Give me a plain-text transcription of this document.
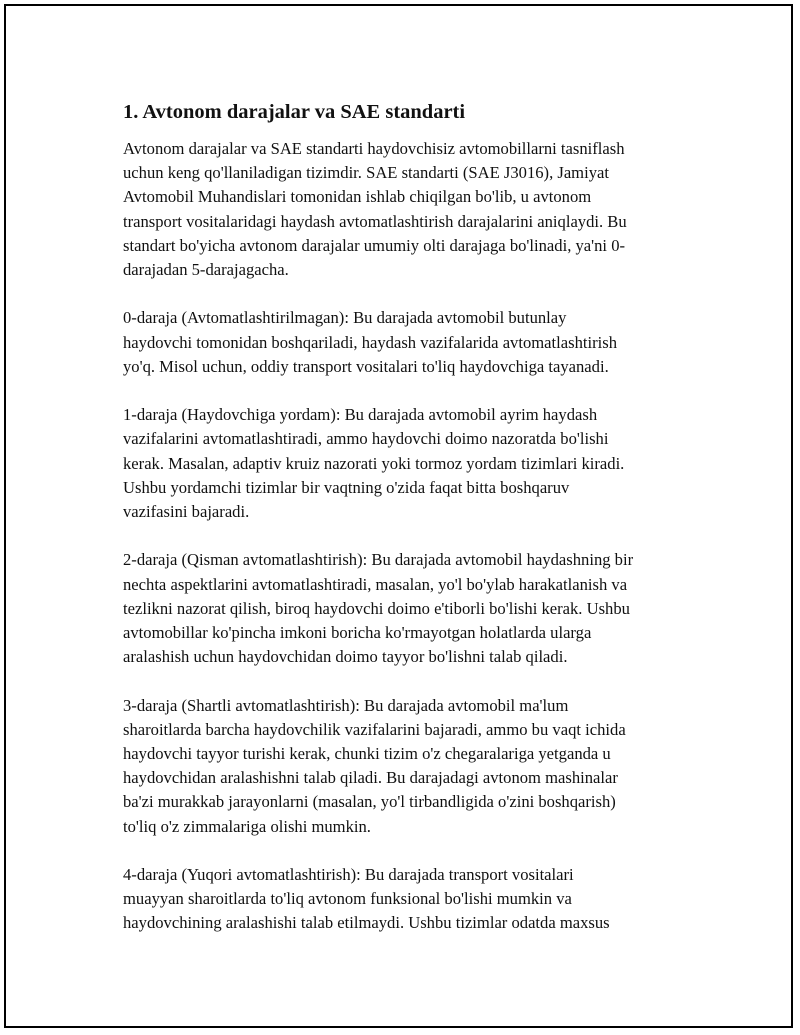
1. Avtonom darajalar va SAE standarti

Avtonom darajalar va SAE standarti haydovchisiz avtomobillarni tasniflash
uchun keng qo'llaniladigan tizimdir. SAE standarti (SAE J3016), Jamiyat
Avtomobil Muhandislari tomonidan ishlab chiqilgan bo'lib, u avtonom
transport vositalaridagi haydash avtomatlashtirish darajalarini aniqlaydi. Bu
standart bo'yicha avtonom darajalar umumiy olti darajaga bo'linadi, ya'ni 0-
darajadan 5-darajagacha.

0-daraja (Avtomatlashtirilmagan): Bu darajada avtomobil butunlay
haydovchi tomonidan boshqariladi, haydash vazifalarida avtomatlashtirish
yo'q. Misol uchun, oddiy transport vositalari to'liq haydovchiga tayanadi.

1-daraja (Haydovchiga yordam): Bu darajada avtomobil ayrim haydash
vazifalarini avtomatlashtiradi, ammo haydovchi doimo nazoratda bo'lishi
kerak. Masalan, adaptiv kruiz nazorati yoki tormoz yordam tizimlari kiradi.
Ushbu yordamchi tizimlar bir vaqtning o'zida faqat bitta boshqaruv
vazifasini bajaradi.

2-daraja (Qisman avtomatlashtirish): Bu darajada avtomobil haydashning bir
nechta aspektlarini avtomatlashtiradi, masalan, yo'l bo'ylab harakatlanish va
tezlikni nazorat qilish, biroq haydovchi doimo e'tiborli bo'lishi kerak. Ushbu
avtomobillar ko'pincha imkoni boricha ko'rmayotgan holatlarda ularga
aralashish uchun haydovchidan doimo tayyor bo'lishni talab qiladi.

3-daraja (Shartli avtomatlashtirish): Bu darajada avtomobil ma'lum
sharoitlarda barcha haydovchilik vazifalarini bajaradi, ammo bu vaqt ichida
haydovchi tayyor turishi kerak, chunki tizim o'z chegaralariga yetganda u
haydovchidan aralashishni talab qiladi. Bu darajadagi avtonom mashinalar
ba'zi murakkab jarayonlarni (masalan, yo'l tirbandligida o'zini boshqarish)
to'liq o'z zimmalariga olishi mumkin.

4-daraja (Yuqori avtomatlashtirish): Bu darajada transport vositalari
muayyan sharoitlarda to'liq avtonom funksional bo'lishi mumkin va
haydovchining aralashishi talab etilmaydi. Ushbu tizimlar odatda maxsus
